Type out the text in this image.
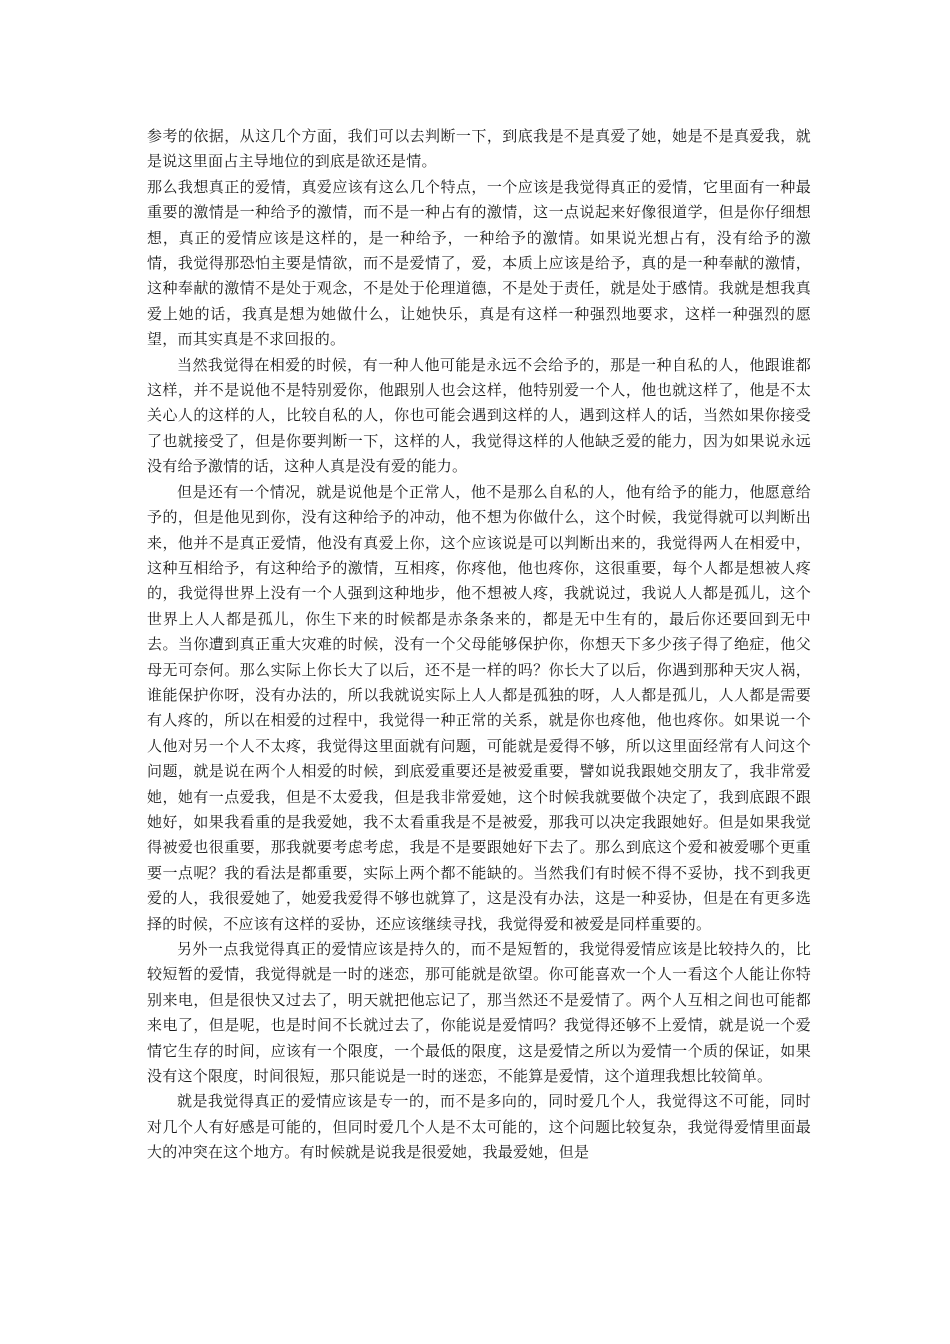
参考的依据，从这几个方面，我们可以去判断一下，到底我是不是真爱了她，她是不是真爱我，就是说这里面占主导地位的到底是欲还是情。

那么我想真正的爱情，真爱应该有这么几个特点，一个应该是我觉得真正的爱情，它里面有一种最重要的激情是一种给予的激情，而不是一种占有的激情，这一点说起来好像很道学，但是你仔细想想，真正的爱情应该是这样的，是一种给予，一种给予的激情。如果说光想占有，没有给予的激情，我觉得那恐怕主要是情欲，而不是爱情了，爱，本质上应该是给予，真的是一种奉献的激情，这种奉献的激情不是处于观念，不是处于伦理道德，不是处于责任，就是处于感情。我就是想我真爱上她的话，我真是想为她做什么，让她快乐，真是有这样一种强烈地要求，这样一种强烈的愿望，而其实真是不求回报的。

当然我觉得在相爱的时候，有一种人他可能是永远不会给予的，那是一种自私的人，他跟谁都这样，并不是说他不是特别爱你，他跟别人也会这样，他特别爱一个人，他也就这样了，他是不太关心人的这样的人，比较自私的人，你也可能会遇到这样的人，遇到这样人的话，当然如果你接受了也就接受了，但是你要判断一下，这样的人，我觉得这样的人他缺乏爱的能力，因为如果说永远没有给予激情的话，这种人真是没有爱的能力。

但是还有一个情况，就是说他是个正常人，他不是那么自私的人，他有给予的能力，他愿意给予的，但是他见到你，没有这种给予的冲动，他不想为你做什么，这个时候，我觉得就可以判断出来，他并不是真正爱情，他没有真爱上你，这个应该说是可以判断出来的，我觉得两人在相爱中，这种互相给予，有这种给予的激情，互相疼，你疼他，他也疼你，这很重要，每个人都是想被人疼的，我觉得世界上没有一个人强到这种地步，他不想被人疼，我就说过，我说人人都是孤儿，这个世界上人人都是孤儿，你生下来的时候都是赤条条来的，都是无中生有的，最后你还要回到无中去。当你遭到真正重大灾难的时候，没有一个父母能够保护你，你想天下多少孩子得了绝症，他父母无可奈何。那么实际上你长大了以后，还不是一样的吗？你长大了以后，你遇到那种天灾人祸，谁能保护你呀，没有办法的，所以我就说实际上人人都是孤独的呀，人人都是孤儿，人人都是需要有人疼的，所以在相爱的过程中，我觉得一种正常的关系，就是你也疼他，他也疼你。如果说一个人他对另一个人不太疼，我觉得这里面就有问题，可能就是爱得不够，所以这里面经常有人问这个问题，就是说在两个人相爱的时候，到底爱重要还是被爱重要，譬如说我跟她交朋友了，我非常爱她，她有一点爱我，但是不太爱我，但是我非常爱她，这个时候我就要做个决定了，我到底跟不跟她好，如果我看重的是我爱她，我不太看重我是不是被爱，那我可以决定我跟她好。但是如果我觉得被爱也很重要，那我就要考虑考虑，我是不是要跟她好下去了。那么到底这个爱和被爱哪个更重要一点呢？我的看法是都重要，实际上两个都不能缺的。当然我们有时候不得不妥协，找不到我更爱的人，我很爱她了，她爱我爱得不够也就算了，这是没有办法，这是一种妥协，但是在有更多选择的时候，不应该有这样的妥协，还应该继续寻找，我觉得爱和被爱是同样重要的。

另外一点我觉得真正的爱情应该是持久的，而不是短暂的，我觉得爱情应该是比较持久的，比较短暂的爱情，我觉得就是一时的迷恋，那可能就是欲望。你可能喜欢一个人一看这个人能让你特别来电，但是很快又过去了，明天就把他忘记了，那当然还不是爱情了。两个人互相之间也可能都来电了，但是呢，也是时间不长就过去了，你能说是爱情吗？我觉得还够不上爱情，就是说一个爱情它生存的时间，应该有一个限度，一个最低的限度，这是爱情之所以为爱情一个质的保证，如果没有这个限度，时间很短，那只能说是一时的迷恋，不能算是爱情，这个道理我想比较简单。

就是我觉得真正的爱情应该是专一的，而不是多向的，同时爱几个人，我觉得这不可能，同时对几个人有好感是可能的，但同时爱几个人是不太可能的，这个问题比较复杂，我觉得爱情里面最大的冲突在这个地方。有时候就是说我是很爱她，我最爱她，但是
